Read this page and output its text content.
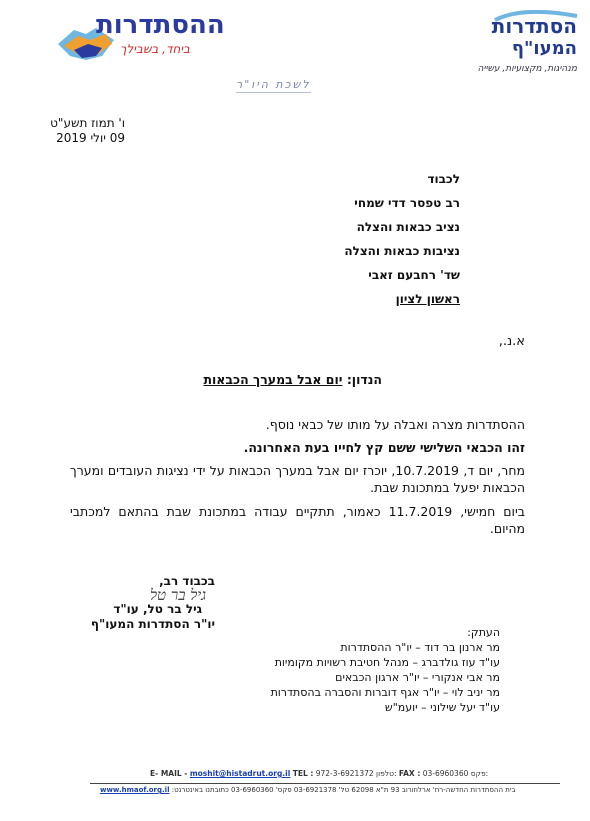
ההסתדרות
ביחד, בשבילך
הסתדרות
המעו"ף
מנהיגות, מקצועיות, עשייה
לשכת היו"ר
ו' תמוז תשע"ט
09 יולי 2019
לכבוד
רב טפסר דדי שמחי
נציב כבאות והצלה
נציבות כבאות והצלה
שד' רחבעם זאבי
ראשון לציון
א.נ.,
הנדון: יום אבל במערך הכבאות
ההסתדרות מצרה ואבלה על מותו של כבאי נוסף.
זהו הכבאי השלישי ששם קץ לחייו בעת האחרונה.
מחר, יום ד, 10.7.2019, יוכרז יום אבל במערך הכבאות על ידי נציגות העובדים ומערך הכבאות יפעל במתכונת שבת.
ביום חמישי, 11.7.2019 כאמור, תתקיים עבודה במתכונת שבת בהתאם למכתבי מהיום.
בכבוד רב,
גיל בר טל
גיל בר טל, עו"ד
יו"ר הסתדרות המעו"ף
העתק:
מר ארנון בר דוד – יו"ר ההסתדרות
עו"ד עוז גולדברג – מנהל חטיבת רשויות מקומיות
מר אבי אנקורי – יו"ר ארגון הכבאים
מר יניב לוי – יו"ר אגף דוברות והסברה בהסתדרות
עו"ד יעל שילוני – יועמ"ש
E- MAIL - moshit@histadrut.org.il TEL : 972-3-6921372 טלפון: FAX : 03-6960360 פקס:
www.hmaof.org.il בית ההסתדרות החדשה-רח' ארלוזורוב 93 ת"א 62098 טל' 03-6921378 פקס' 03-6960360 כתובתנו באינטרנט:
